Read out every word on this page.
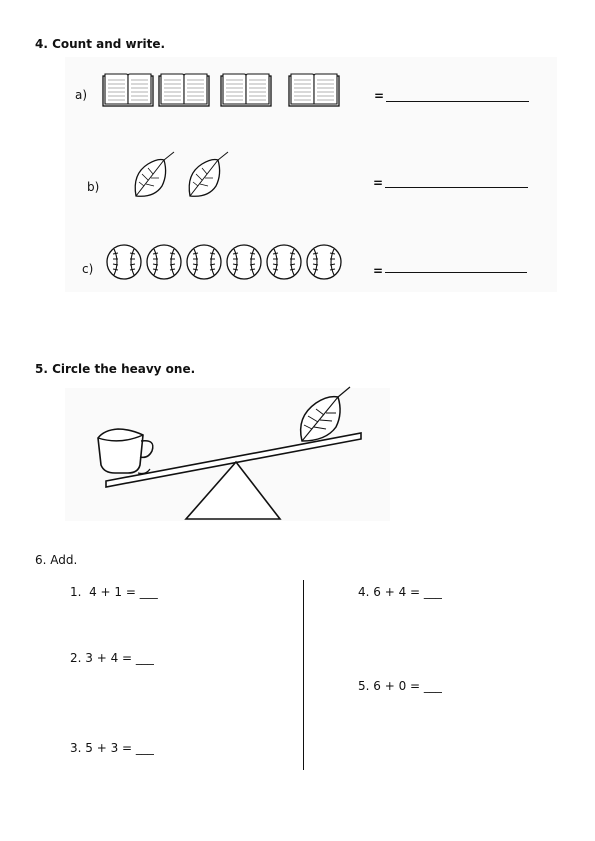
4. Count and write.
a)
b)
c)
=
=
=
5. Circle the heavy one.
6. Add.
1.  4 + 1 = ___
2. 3 + 4 = ___
3. 5 + 3 = ___
4. 6 + 4 = ___
5. 6 + 0 = ___
